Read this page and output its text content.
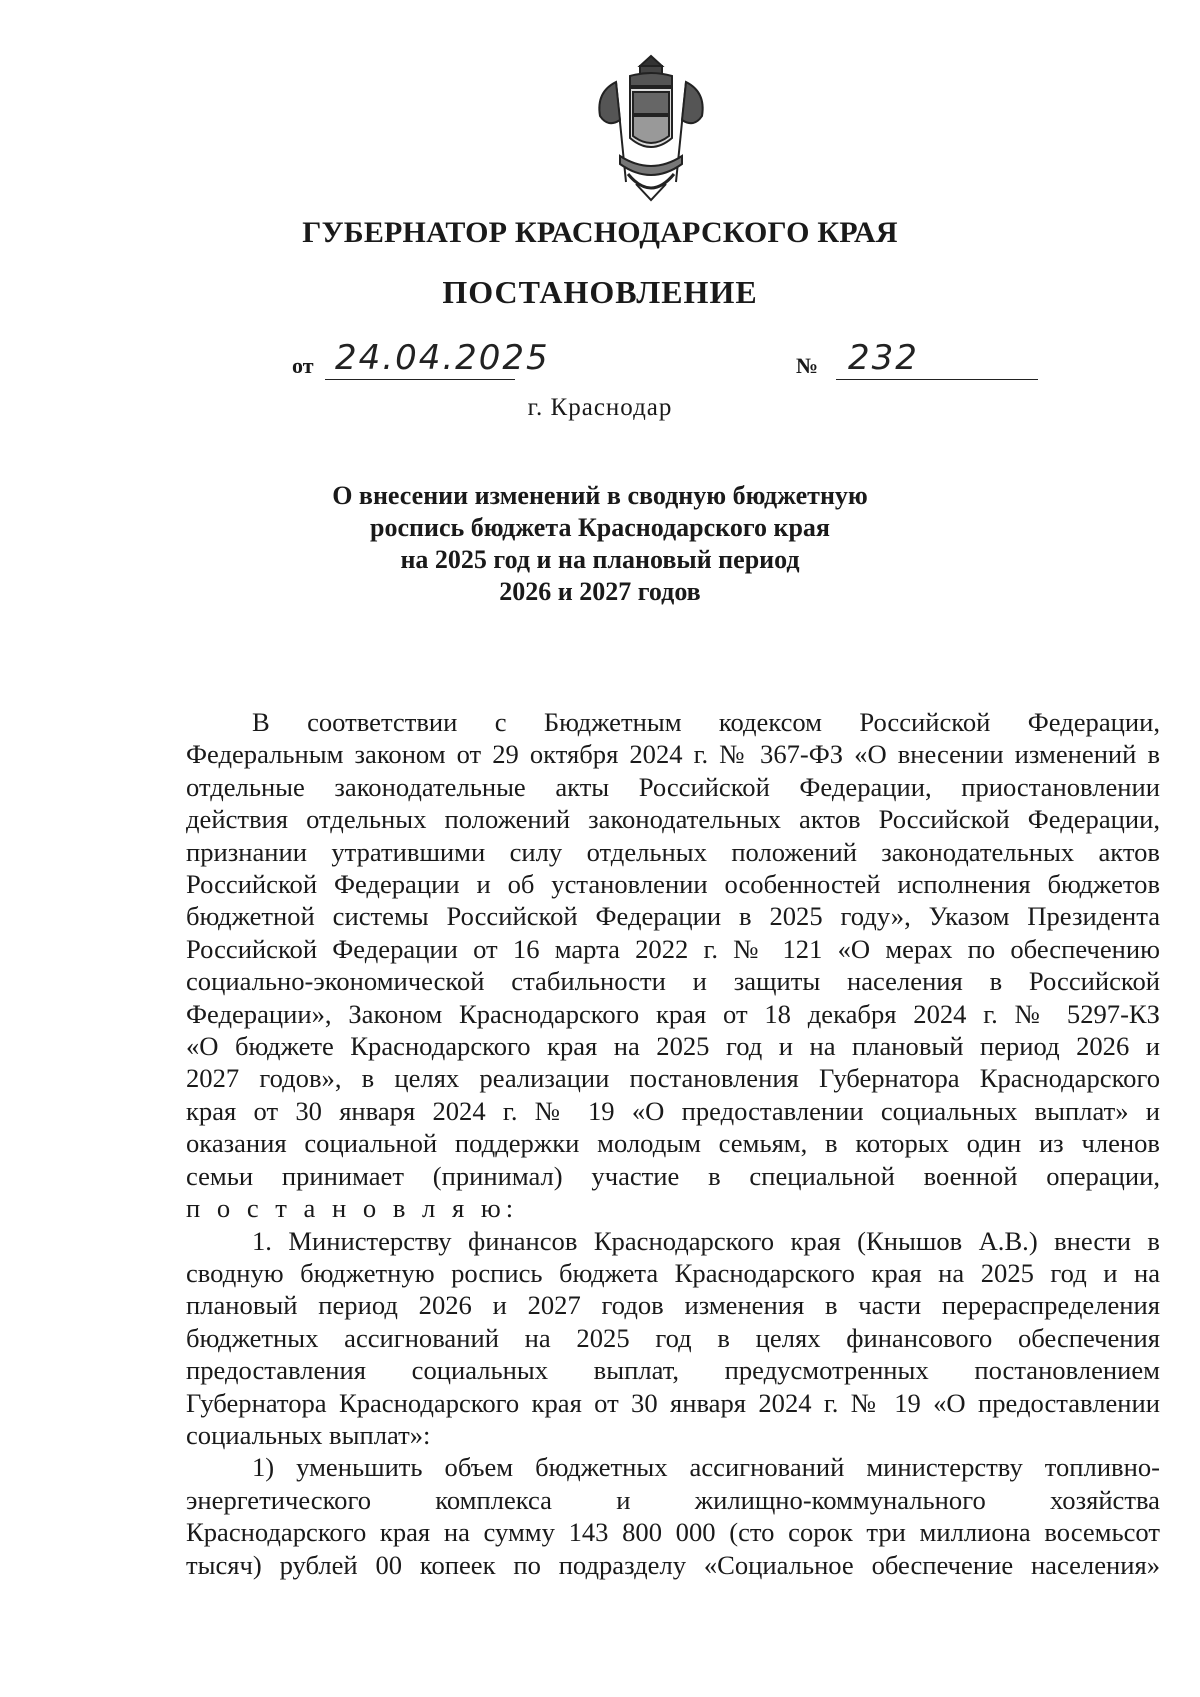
ГУБЕРНАТОР КРАСНОДАРСКОГО КРАЯ
ПОСТАНОВЛЕНИЕ
от 24.04.2025	№ 232
г. Краснодар
О внесении изменений в сводную бюджетную
роспись бюджета Краснодарского края
на 2025 год и на плановый период
2026 и 2027 годов
В соответствии с Бюджетным кодексом Российской Федерации,
Федеральным законом от 29 октября 2024 г. № 367-ФЗ «О внесении изменений в
отдельные законодательные акты Российской Федерации, приостановлении
действия отдельных положений законодательных актов Российской Федерации,
признании утратившими силу отдельных положений законодательных актов
Российской Федерации и об установлении особенностей исполнения бюджетов
бюджетной системы Российской Федерации в 2025 году», Указом Президента
Российской Федерации от 16 марта 2022 г. № 121 «О мерах по обеспечению
социально-экономической стабильности и защиты населения в Российской
Федерации», Законом Краснодарского края от 18 декабря 2024 г. № 5297-КЗ
«О бюджете Краснодарского края на 2025 год и на плановый период 2026 и
2027 годов», в целях реализации постановления Губернатора Краснодарского
края от 30 января 2024 г. № 19 «О предоставлении социальных выплат» и
оказания социальной поддержки молодым семьям, в которых один из членов
семьи принимает (принимал) участие в специальной военной операции,
п о с т а н о в л я ю:
1. Министерству финансов Краснодарского края (Кнышов А.В.) внести в
сводную бюджетную роспись бюджета Краснодарского края на 2025 год и на
плановый период 2026 и 2027 годов изменения в части перераспределения
бюджетных ассигнований на 2025 год в целях финансового обеспечения
предоставления социальных выплат, предусмотренных постановлением
Губернатора Краснодарского края от 30 января 2024 г. № 19 «О предоставлении
социальных выплат»:
1) уменьшить объем бюджетных ассигнований министерству топливно-
энергетического комплекса и жилищно-коммунального хозяйства
Краснодарского края на сумму 143 800 000 (сто сорок три миллиона восемьсот
тысяч) рублей 00 копеек по подразделу «Социальное обеспечение населения»
